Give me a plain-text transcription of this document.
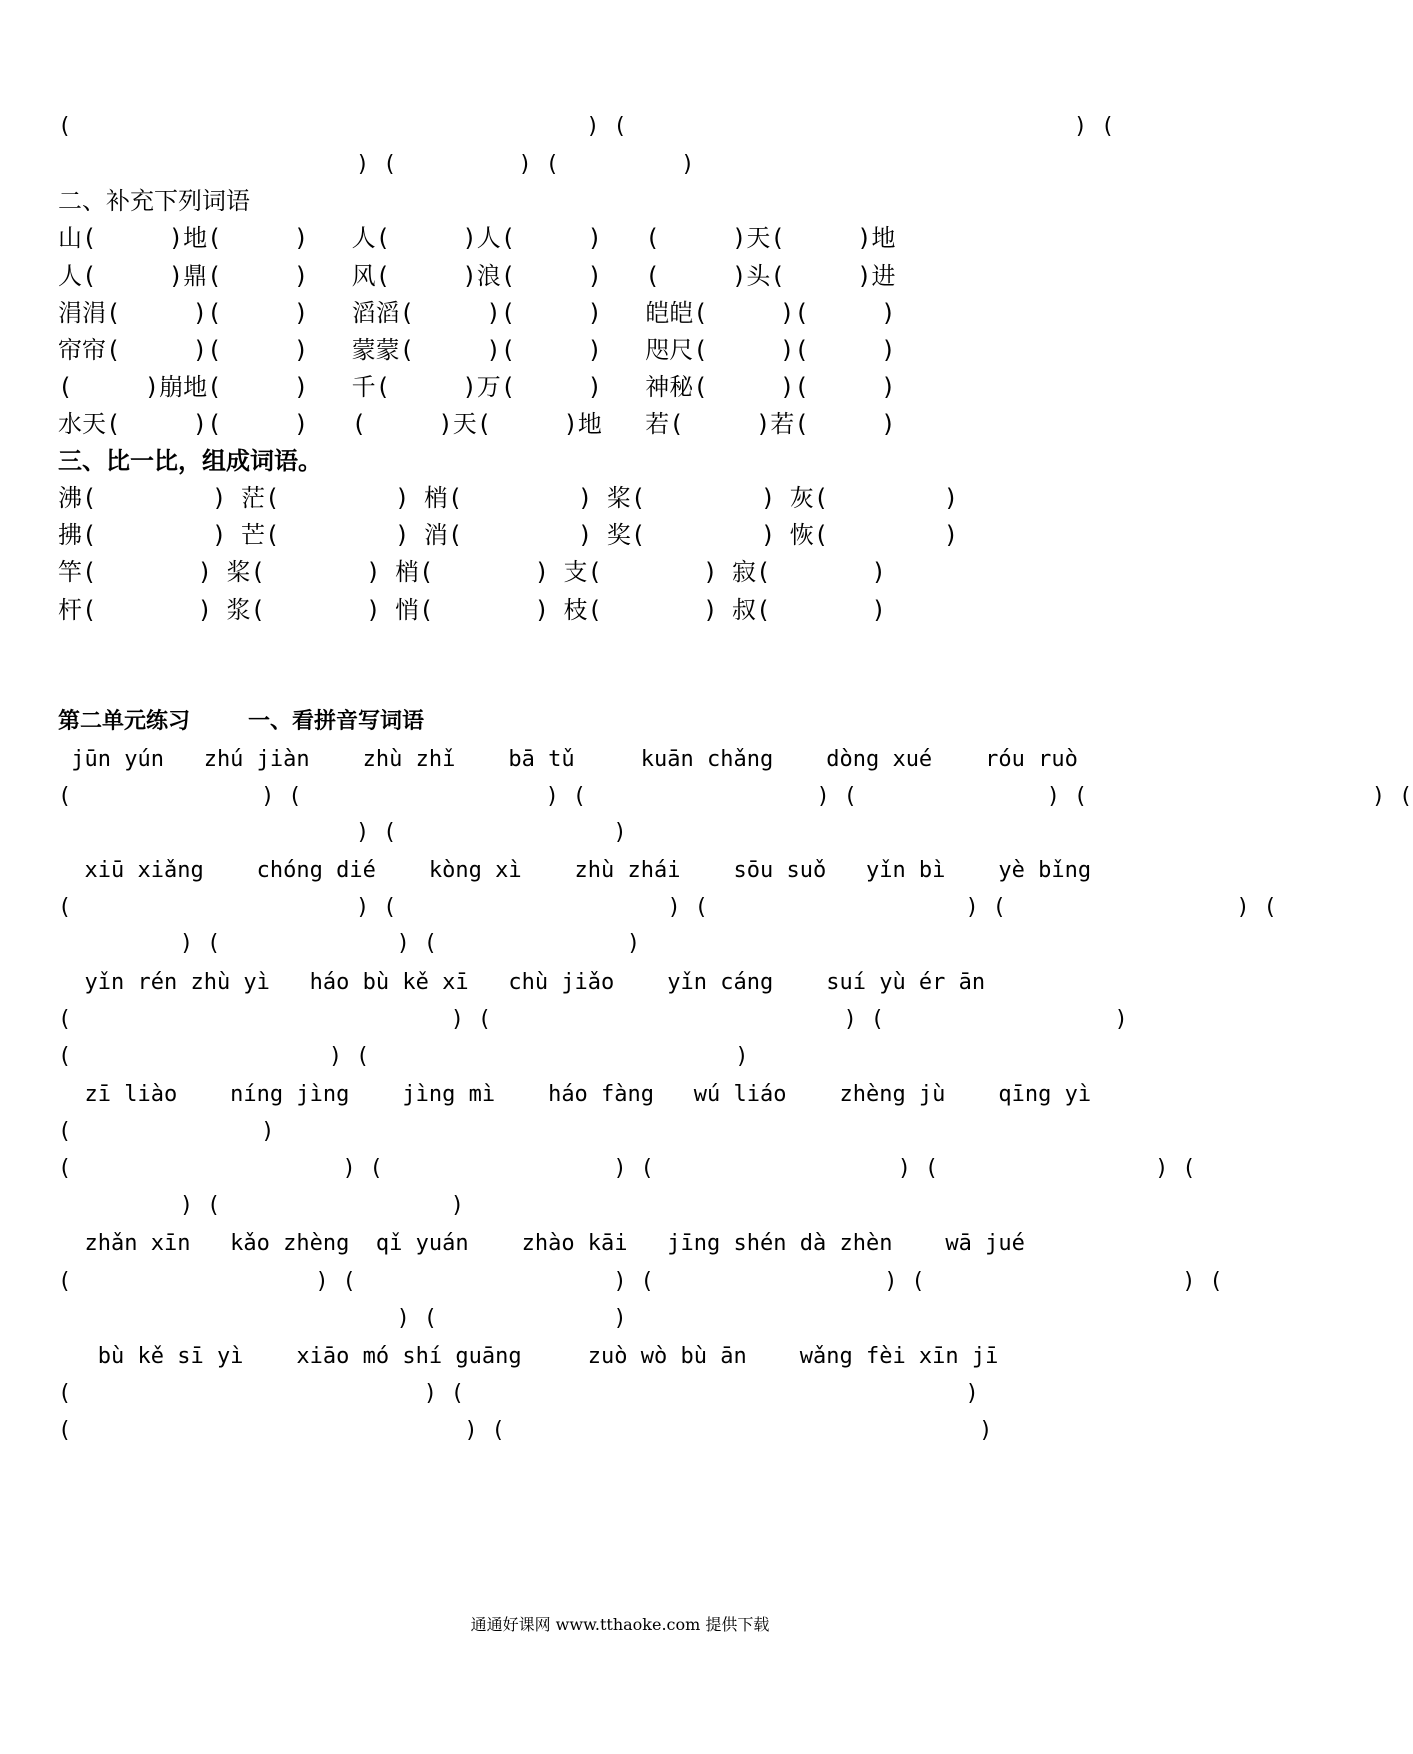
(                                      ) (                                 ) (
) (         ) (         )
二、补充下列词语
山(     )地(     )   人(     )人(     )   (     )天(     )地
人(     )鼎(     )   风(     )浪(     )   (     )头(     )进
涓涓(     )(     )   滔滔(     )(     )   皑皑(     )(     )
帘帘(     )(     )   蒙蒙(     )(     )   咫尺(     )(     )
(     )崩地(     )   千(     )万(     )   神秘(     )(     )
水天(     )(     )   (     )天(     )地   若(     )若(     )
三、比一比，组成词语。
沸(        ) 茫(        ) 梢(        ) 桨(        ) 灰(        )
拂(        ) 芒(        ) 消(        ) 奖(        ) 恢(        )
竿(       ) 桨(       ) 梢(       ) 支(       ) 寂(       )
杆(       ) 浆(       ) 悄(       ) 枝(       ) 叔(       )
第二单元练习	一、看拼音写词语
jūn yún   zhú jiàn    zhù zhǐ    bā tǔ     kuān chǎng    dòng xué    róu ruò
(              ) (                  ) (                 ) (              ) (                     ) (
) (                )
xiū xiǎng    chóng dié    kòng xì    zhù zhái    sōu suǒ   yǐn bì    yè bǐng
(                     ) (                    ) (                   ) (                 ) (
) (             ) (              )
yǐn rén zhù yì   háo bù kě xī   chù jiǎo    yǐn cáng    suí yù ér ān
(                            ) (                          ) (                 )
(                   ) (                           )
zī liào    níng jìng    jìng mì    háo fàng   wú liáo    zhèng jù    qīng yì
(              )
(                    ) (                 ) (                  ) (                ) (
) (                 )
zhǎn xīn   kǎo zhèng  qǐ yuán    zhào kāi   jīng shén dà zhèn    wā jué
(                  ) (                   ) (                 ) (                   ) (
) (             )
bù kě sī yì    xiāo mó shí guāng     zuò wò bù ān    wǎng fèi xīn jī
(                          ) (                                     )
(                             ) (                                   )
通通好课网 www.tthaoke.com 提供下载
